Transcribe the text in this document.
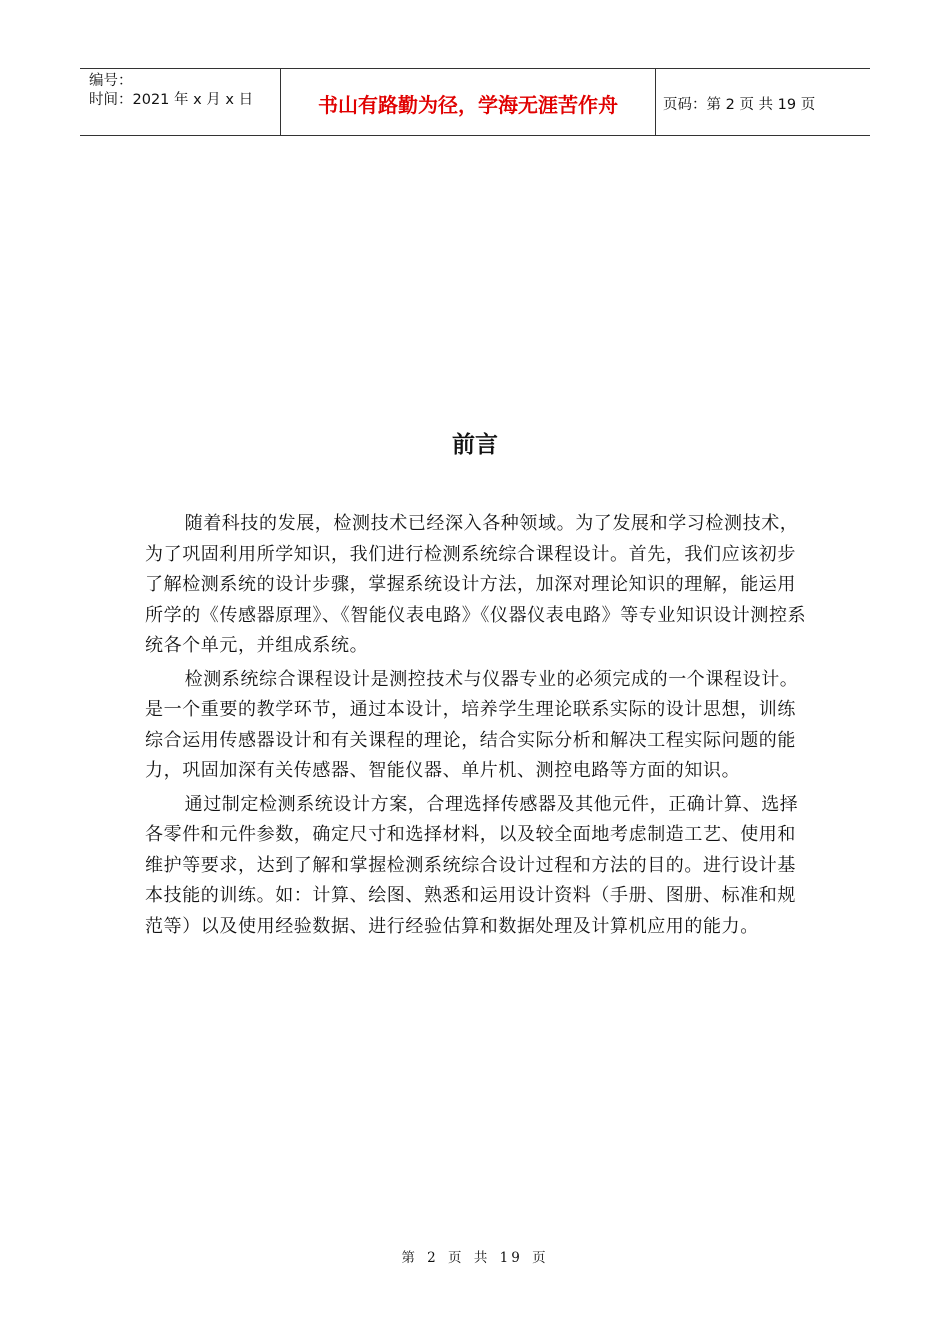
编号：
时间：2021 年 x 月 x 日	书山有路勤为径，学海无涯苦作舟	页码：第 2 页 共 19 页
前言

随着科技的发展，检测技术已经深入各种领域。为了发展和学习检测技术，为了巩固利用所学知识，我们进行检测系统综合课程设计。首先，我们应该初步了解检测系统的设计步骤，掌握系统设计方法，加深对理论知识的理解，能运用所学的《传感器原理》、《智能仪表电路》《仪器仪表电路》等专业知识设计测控系统各个单元，并组成系统。

检测系统综合课程设计是测控技术与仪器专业的必须完成的一个课程设计。是一个重要的教学环节，通过本设计，培养学生理论联系实际的设计思想，训练综合运用传感器设计和有关课程的理论，结合实际分析和解决工程实际问题的能力，巩固加深有关传感器、智能仪器、单片机、测控电路等方面的知识。

通过制定检测系统设计方案，合理选择传感器及其他元件，正确计算、选择各零件和元件参数，确定尺寸和选择材料，以及较全面地考虑制造工艺、使用和维护等要求，达到了解和掌握检测系统综合设计过程和方法的目的。进行设计基本技能的训练。如：计算、绘图、熟悉和运用设计资料（手册、图册、标准和规范等）以及使用经验数据、进行经验估算和数据处理及计算机应用的能力。

第 2 页 共 19 页
